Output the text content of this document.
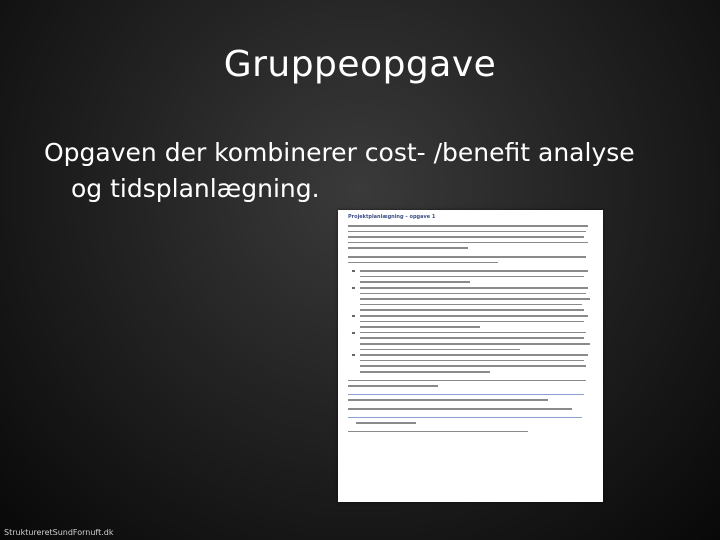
Gruppeopgave

Opgaven der kombinerer cost- /benefit analyse
og tidsplanlægning.

Projektplanlægning – opgave 1
StruktureretSundFornuft.dk
